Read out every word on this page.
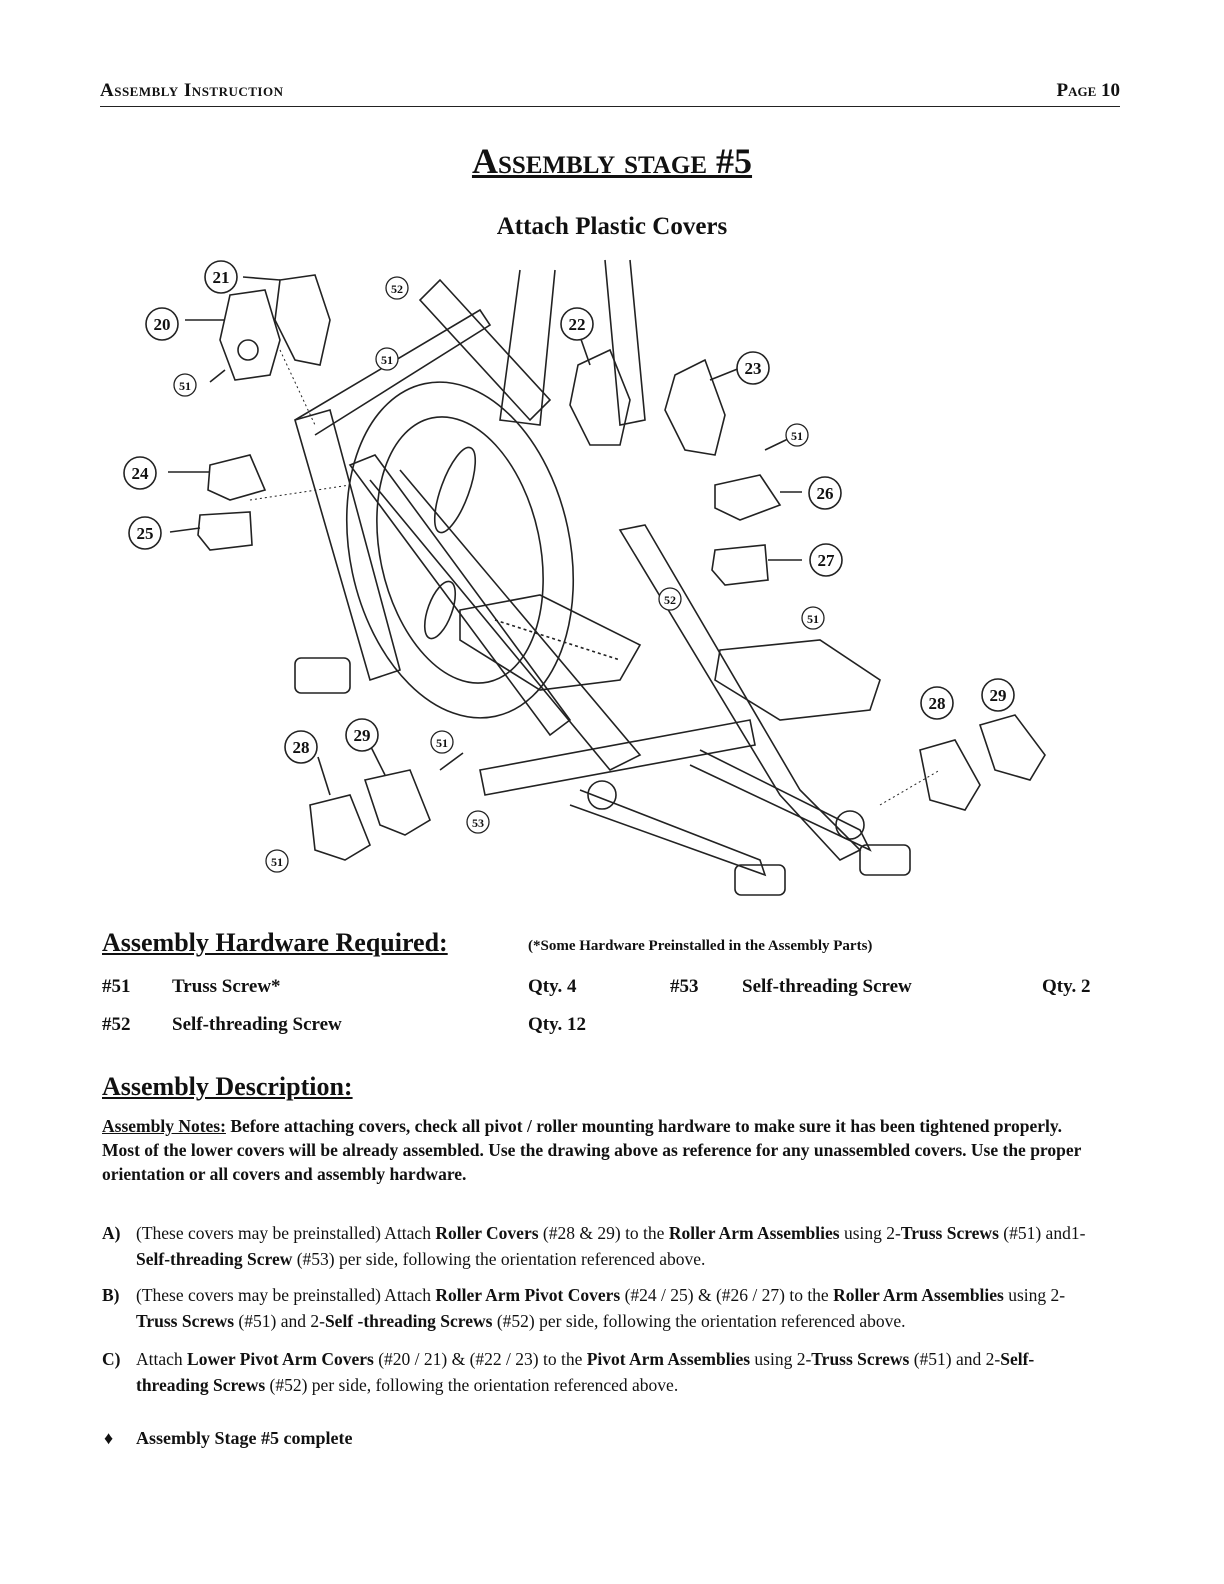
Assembly Instruction	Page 10
Assembly stage #5
Attach Plastic Covers
21
52
20
51
51
22
23
51
24
26
25
27
52
51
28	29
28
29	51
53
51
Assembly Hardware Required:	(*Some Hardware Preinstalled in the Assembly Parts)
#51 Truss Screw*	Qty. 4	#53 Self-threading Screw	Qty. 2
#52 Self-threading Screw	Qty. 12
Assembly Description:
Assembly Notes: Before attaching covers, check all pivot / roller mounting hardware to make sure it has been tightened properly. Most of the lower covers will be already assembled. Use the drawing above as reference for any unassembled covers. Use the proper orientation or all covers and assembly hardware.
A) (These covers may be preinstalled) Attach Roller Covers (#28 & 29) to the Roller Arm Assemblies using 2-Truss Screws (#51) and1-Self-threading Screw (#53) per side, following the orientation referenced above.
B) (These covers may be preinstalled) Attach Roller Arm Pivot Covers (#24 / 25) & (#26 / 27) to the Roller Arm Assemblies using 2-Truss Screws (#51) and 2-Self -threading Screws (#52) per side, following the orientation referenced above.
C) Attach Lower Pivot Arm Covers (#20 / 21) & (#22 / 23) to the Pivot Arm Assemblies using 2-Truss Screws (#51) and 2-Self-threading Screws (#52) per side, following the orientation referenced above.
♦ Assembly Stage #5 complete
